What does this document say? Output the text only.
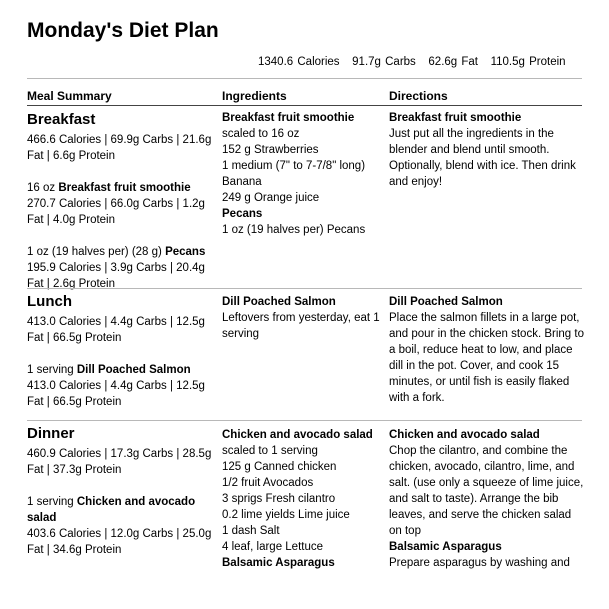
Monday's Diet Plan
1340.6 Calories 91.7g Carbs 62.6g Fat 110.5g Protein
Meal Summary	Ingredients	Directions
Breakfast
466.6 Calories | 69.9g Carbs | 21.6g Fat | 6.6g Protein
16 oz Breakfast fruit smoothie
270.7 Calories | 66.0g Carbs | 1.2g Fat | 4.0g Protein
1 oz (19 halves per) (28 g) Pecans
195.9 Calories | 3.9g Carbs | 20.4g Fat | 2.6g Protein
Breakfast fruit smoothie
scaled to 16 oz
152 g Strawberries
1 medium (7" to 7-7/8" long) Banana
249 g Orange juice
Pecans
1 oz (19 halves per) Pecans
Breakfast fruit smoothie
Just put all the ingredients in the blender and blend until smooth. Optionally, blend with ice. Then drink and enjoy!
Lunch
413.0 Calories | 4.4g Carbs | 12.5g Fat | 66.5g Protein
1 serving Dill Poached Salmon
413.0 Calories | 4.4g Carbs | 12.5g Fat | 66.5g Protein
Dill Poached Salmon
Leftovers from yesterday, eat 1 serving
Dill Poached Salmon
Place the salmon fillets in a large pot, and pour in the chicken stock. Bring to a boil, reduce heat to low, and place dill in the pot. Cover, and cook 15 minutes, or until fish is easily flaked with a fork.
Dinner
460.9 Calories | 17.3g Carbs | 28.5g Fat | 37.3g Protein
1 serving Chicken and avocado salad
403.6 Calories | 12.0g Carbs | 25.0g Fat | 34.6g Protein
Chicken and avocado salad
scaled to 1 serving
125 g Canned chicken
1/2 fruit Avocados
3 sprigs Fresh cilantro
0.2 lime yields Lime juice
1 dash Salt
4 leaf, large Lettuce
Balsamic Asparagus
Chicken and avocado salad
Chop the cilantro, and combine the chicken, avocado, cilantro, lime, and salt. (use only a squeeze of lime juice, and salt to taste). Arrange the bib leaves, and serve the chicken salad on top
Balsamic Asparagus
Prepare asparagus by washing and
